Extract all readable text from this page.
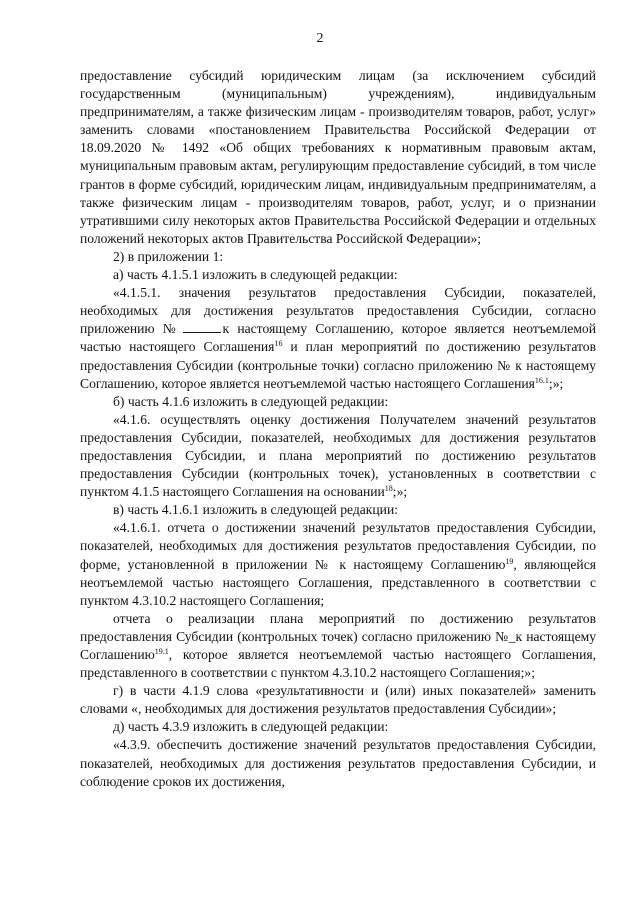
2

предоставление субсидий юридическим лицам (за исключением субсидий государственным (муниципальным) учреждениям), индивидуальным предпринимателям, а также физическим лицам - производителям товаров, работ, услуг» заменить словами «постановлением Правительства Российской Федерации от 18.09.2020 № 1492 «Об общих требованиях к нормативным правовым актам, муниципальным правовым актам, регулирующим предоставление субсидий, в том числе грантов в форме субсидий, юридическим лицам, индивидуальным предпринимателям, а также физическим лицам - производителям товаров, работ, услуг, и о признании утратившими силу некоторых актов Правительства Российской Федерации и отдельных положений некоторых актов Правительства Российской Федерации»;

2) в приложении 1:

а) часть 4.1.5.1 изложить в следующей редакции:

«4.1.5.1. значения результатов предоставления Субсидии, показателей, необходимых для достижения результатов предоставления Субсидии, согласно приложению №	к настоящему Соглашению, которое является неотъемлемой частью настоящего Соглашения$^{16}$ и план мероприятий по достижению результатов предоставления Субсидии (контрольные точки) согласно приложению № к настоящему Соглашению, которое является неотъемлемой частью настоящего Соглашения$^{16.1}$;»;

б) часть 4.1.6 изложить в следующей редакции:

«4.1.6. осуществлять оценку достижения Получателем значений результатов предоставления Субсидии, показателей, необходимых для достижения результатов предоставления Субсидии, и плана мероприятий по достижению результатов предоставления Субсидии (контрольных точек), установленных в соответствии с пунктом 4.1.5 настоящего Соглашения на основании$^{18}$;»;

в) часть 4.1.6.1 изложить в следующей редакции:

«4.1.6.1. отчета о достижении значений результатов предоставления Субсидии, показателей, необходимых для достижения результатов предоставления Субсидии, по форме, установленной в приложении № к настоящему Соглашению$^{19}$, являющейся неотъемлемой частью настоящего Соглашения, представленного в соответствии с пунктом 4.3.10.2 настоящего Соглашения;

отчета о реализации плана мероприятий по достижению результатов предоставления Субсидии (контрольных точек) согласно приложению №_к настоящему Соглашению$^{19.1}$, которое является неотъемлемой частью настоящего Соглашения, представленного в соответствии с пунктом 4.3.10.2 настоящего Соглашения;»;

г) в части 4.1.9 слова «результативности и (или) иных показателей» заменить словами «, необходимых для достижения результатов предоставления Субсидии»;

д) часть 4.3.9 изложить в следующей редакции:

«4.3.9. обеспечить достижение значений результатов предоставления Субсидии, показателей, необходимых для достижения результатов предоставления Субсидии, и соблюдение сроков их достижения,
